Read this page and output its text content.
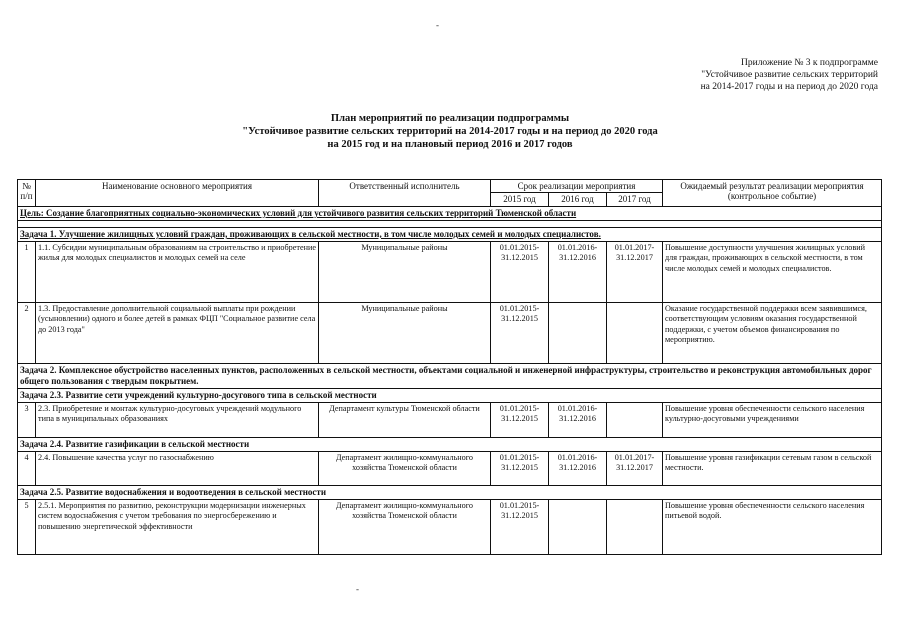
-
-
Приложение № 3 к подпрограмме
"Устойчивое развитие сельских территорий
на 2014-2017 годы и на период до 2020 года
План мероприятий по реализации подпрограммы
"Устойчивое развитие сельских территорий на 2014-2017 годы и на период до 2020 года
на 2015 год и на плановый период 2016 и 2017 годов
№ п/п	Наименование основного мероприятия	Ответственный исполнитель	Срок реализации мероприятия			Ожидаемый результат реализации мероприятия (контрольное событие)
			2015 год	2016 год	2017 год	
Цель: Создание благоприятных социально-экономических условий для устойчивого развития сельских территорий Тюменской области						

Задача 1. Улучшение жилищных условий граждан, проживающих в сельской местности, в том числе молодых семей и молодых специалистов.						
1	1.1. Субсидии муниципальным образованиям на строительство и приобретение жилья для молодых специалистов и молодых семей на селе	Муниципальные районы	01.01.2015-31.12.2015	01.01.2016-31.12.2016	01.01.2017-31.12.2017	Повышение доступности улучшения жилищных условий для граждан, проживающих в сельской местности, в том числе молодых семей и молодых специалистов.
2	1.3. Предоставление дополнительной социальной выплаты при рождении (усыновлении) одного и более детей в рамках ФЦП "Социальное развитие села до 2013 года"	Муниципальные районы	01.01.2015-31.12.2015			Оказание государственной поддержки всем заявившимся, соответствующим условиям оказания государственной поддержки, с учетом объемов финансирования по мероприятию.
Задача 2. Комплексное обустройство населенных пунктов, расположенных в сельской местности, объектами социальной и инженерной инфраструктуры, строительство и реконструкция автомобильных дорог общего пользования с твердым покрытием.						
Задача 2.3. Развитие сети учреждений культурно-досугового типа в сельской местности						
3	2.3. Приобретение и монтаж культурно-досуговых учреждений модульного типа в муниципальных образованиях	Департамент культуры Тюменской области	01.01.2015-31.12.2015	01.01.2016-31.12.2016		Повышение уровня обеспеченности сельского населения культурно-досуговыми учреждениями
Задача 2.4. Развитие газификации в сельской местности						
4	2.4. Повышение качества услуг по газоснабжению	Департамент жилищно-коммунального хозяйства Тюменской области	01.01.2015-31.12.2015	01.01.2016-31.12.2016	01.01.2017-31.12.2017	Повышение уровня газификации сетевым газом в сельской местности.
Задача 2.5. Развитие водоснабжения и водоотведения в сельской местности						
5	2.5.1. Мероприятия по развитию, реконструкции модернизации инженерных систем водоснабжения с учетом требования по энергосбережению и повышению энергетической эффективности	Департамент жилищно-коммунального хозяйства Тюменской области	01.01.2015-31.12.2015			Повышение уровня обеспеченности сельского населения питьевой водой.
